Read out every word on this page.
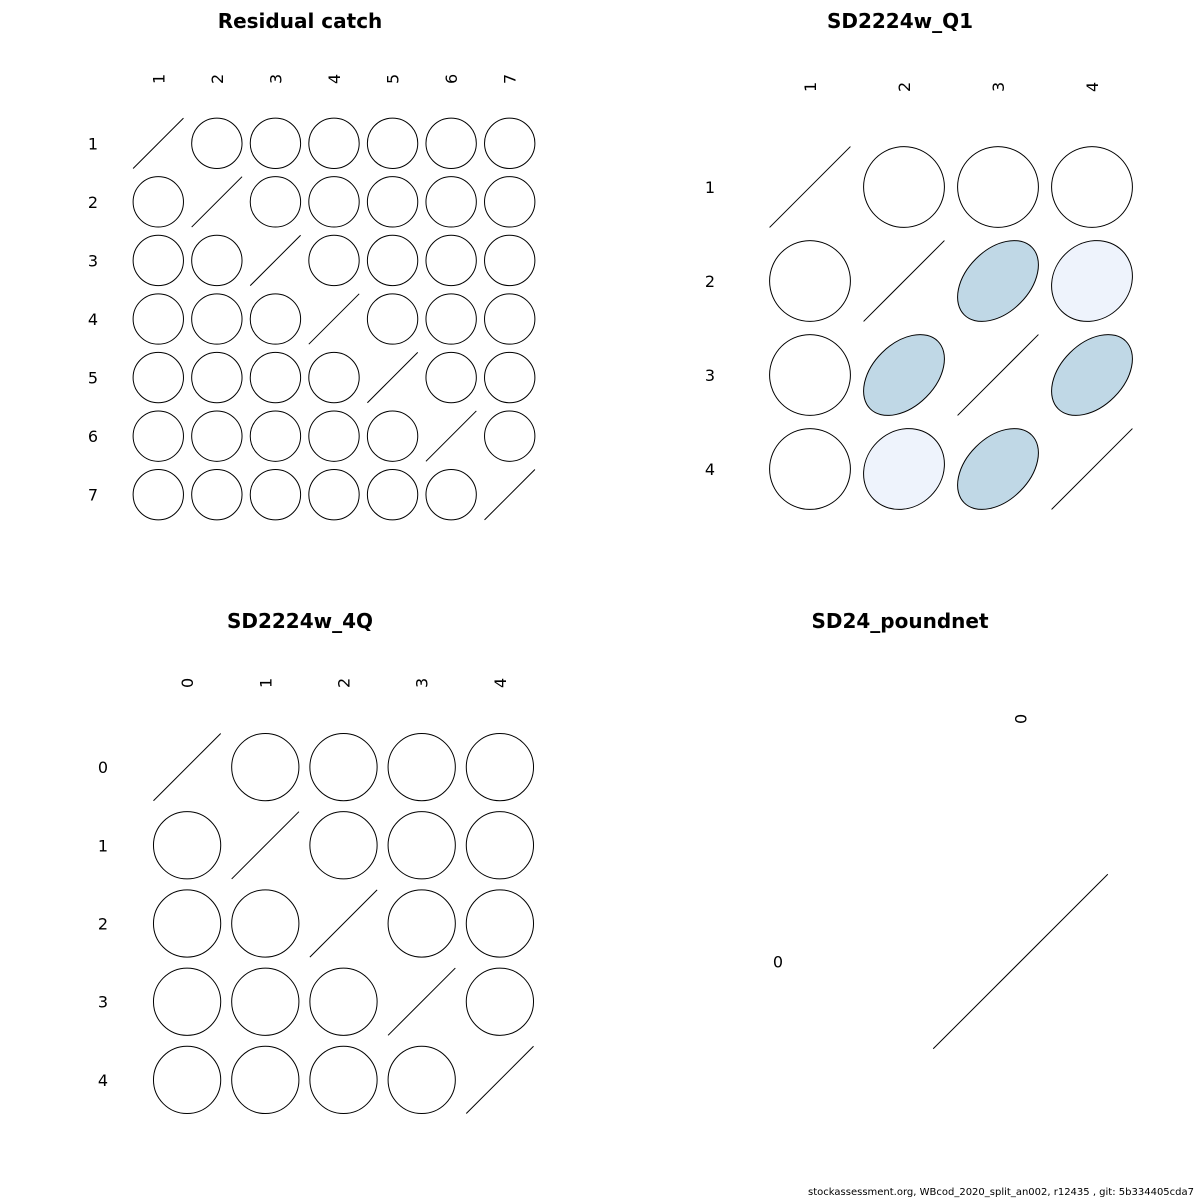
Residual catch
1 2 3 4 5 6 7
1
2
3
4
5
6
7
SD2224w_Q1
1	2	3	4
1
2
3
4
SD2224w_4Q
0	1	2	3	4
0
1
2
3
4
SD24_poundnet
0
0
stockassessment.org, WBcod_2020_split_an002, r12435 , git: 5b334405cda7
